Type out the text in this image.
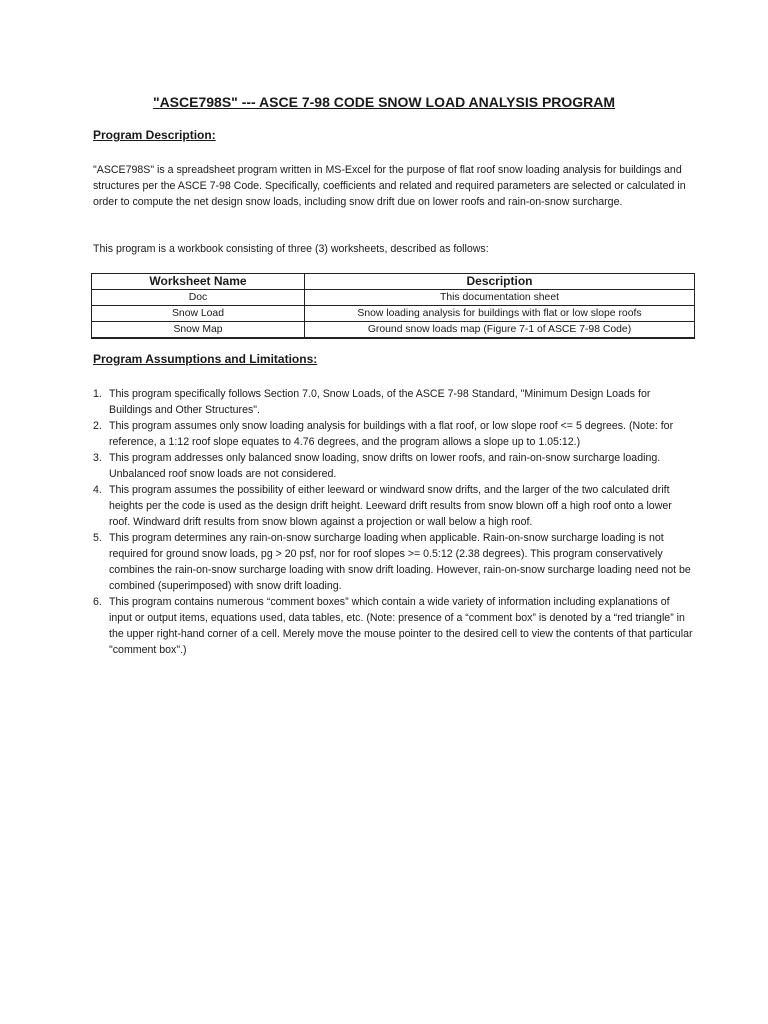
"ASCE798S" --- ASCE 7-98 CODE SNOW LOAD ANALYSIS PROGRAM
Program Description:
"ASCE798S" is a spreadsheet program written in MS-Excel for the purpose of flat roof snow loading analysis for buildings and structures per the ASCE 7-98 Code. Specifically, coefficients and related and required parameters are selected or calculated in order to compute the net design snow loads, including snow drift due on lower roofs and rain-on-snow surcharge.
This program is a workbook consisting of three (3) worksheets, described as follows:
Worksheet Name	Description
Doc	This documentation sheet
Snow Load	Snow loading analysis for buildings with flat or low slope roofs
Snow Map	Ground snow loads map (Figure 7-1 of ASCE 7-98 Code)
Program Assumptions and Limitations:
1. This program specifically follows Section 7.0, Snow Loads, of the ASCE 7-98 Standard, "Minimum Design Loads for Buildings and Other Structures".
2. This program assumes only snow loading analysis for buildings with a flat roof, or low slope roof <= 5 degrees. (Note: for reference, a 1:12 roof slope equates to 4.76 degrees, and the program allows a slope up to 1.05:12.)
3. This program addresses only balanced snow loading, snow drifts on lower roofs, and rain-on-snow surcharge loading. Unbalanced roof snow loads are not considered.
4. This program assumes the possibility of either leeward or windward snow drifts, and the larger of the two calculated drift heights per the code is used as the design drift height. Leeward drift results from snow blown off a high roof onto a lower roof. Windward drift results from snow blown against a projection or wall below a high roof.
5. This program determines any rain-on-snow surcharge loading when applicable. Rain-on-snow surcharge loading is not required for ground snow loads, pg > 20 psf, nor for roof slopes >= 0.5:12 (2.38 degrees). This program conservatively combines the rain-on-snow surcharge loading with snow drift loading. However, rain-on-snow surcharge loading need not be combined (superimposed) with snow drift loading.
6. This program contains numerous “comment boxes” which contain a wide variety of information including explanations of input or output items, equations used, data tables, etc. (Note: presence of a “comment box” is denoted by a “red triangle” in the upper right-hand corner of a cell. Merely move the mouse pointer to the desired cell to view the contents of that particular "comment box".)
